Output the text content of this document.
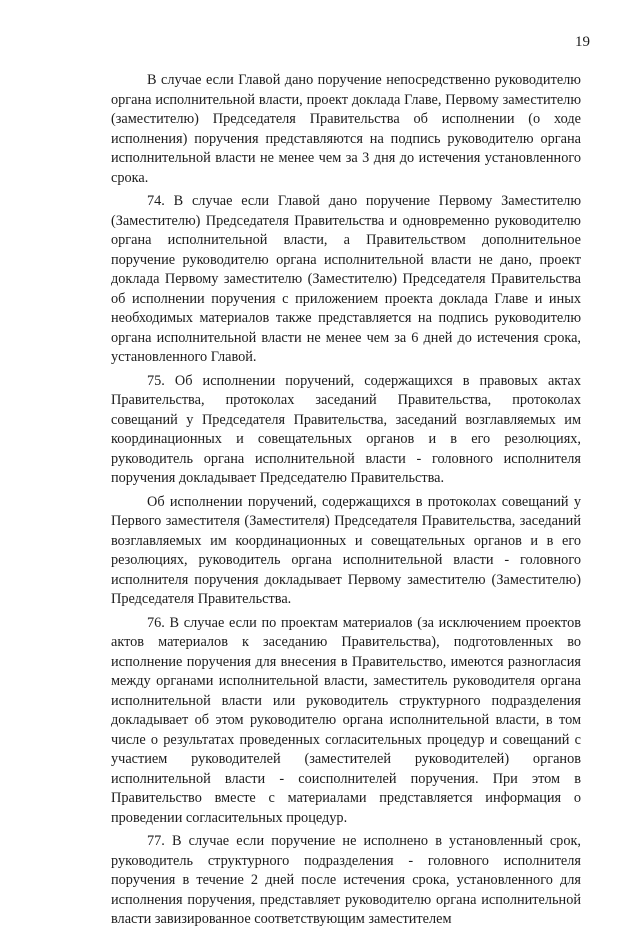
19

В случае если Главой дано поручение непосредственно руководителю органа исполнительной власти, проект доклада Главе, Первому заместителю (заместителю) Председателя Правительства об исполнении (о ходе исполнения) поручения представляются на подпись руководителю органа исполнительной власти не менее чем за 3 дня до истечения установленного срока.

74. В случае если Главой дано поручение Первому Заместителю (Заместителю) Председателя Правительства и одновременно руководителю органа исполнительной власти, а Правительством дополнительное поручение руководителю органа исполнительной власти не дано, проект доклада Первому заместителю (Заместителю) Председателя Правительства об исполнении поручения с приложением проекта доклада Главе и иных необходимых материалов также представляется на подпись руководителю органа исполнительной власти не менее чем за 6 дней до истечения срока, установленного Главой.

75. Об исполнении поручений, содержащихся в правовых актах Правительства, протоколах заседаний Правительства, протоколах совещаний у Председателя Правительства, заседаний возглавляемых им координационных и совещательных органов и в его резолюциях, руководитель органа исполнительной власти - головного исполнителя поручения докладывает Председателю Правительства.

Об исполнении поручений, содержащихся в протоколах совещаний у Первого заместителя (Заместителя) Председателя Правительства, заседаний возглавляемых им координационных и совещательных органов и в его резолюциях, руководитель органа исполнительной власти - головного исполнителя поручения докладывает Первому заместителю (Заместителю) Председателя Правительства.

76. В случае если по проектам материалов (за исключением проектов актов материалов к заседанию Правительства), подготовленных во исполнение поручения для внесения в Правительство, имеются разногласия между органами исполнительной власти, заместитель руководителя органа исполнительной власти или руководитель структурного подразделения докладывает об этом руководителю органа исполнительной власти, в том числе о результатах проведенных согласительных процедур и совещаний с участием руководителей (заместителей руководителей) органов исполнительной власти - соисполнителей поручения. При этом в Правительство вместе с материалами представляется информация о проведении согласительных процедур.

77. В случае если поручение не исполнено в установленный срок, руководитель структурного подразделения - головного исполнителя поручения в течение 2 дней после истечения срока, установленного для исполнения поручения, представляет руководителю органа исполнительной власти завизированное соответствующим заместителем
